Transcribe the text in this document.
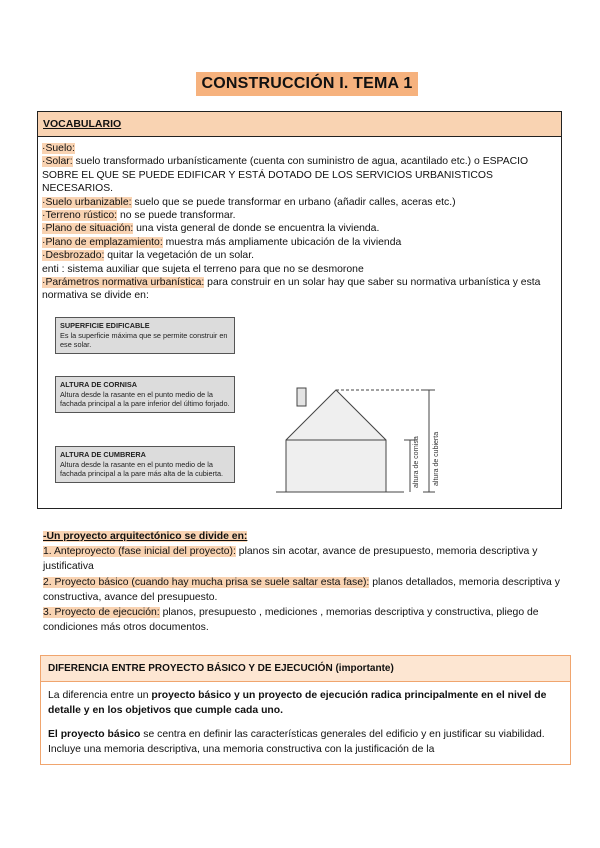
CONSTRUCCIÓN I. TEMA 1
VOCABULARIO
·Suelo:
·Solar: suelo transformado urbanísticamente (cuenta con suministro de agua, acantilado etc.) o ESPACIO SOBRE EL QUE SE PUEDE EDIFICAR Y ESTÁ DOTADO DE LOS SERVICIOS URBANISTICOS NECESARIOS.
·Suelo urbanizable: suelo que se puede transformar en urbano (añadir calles, aceras etc.)
·Terreno rústico: no se puede transformar.
·Plano de situación: una vista general de donde se encuentra la vivienda.
·Plano de emplazamiento: muestra más ampliamente ubicación de la vivienda
·Desbrozado: quitar la vegetación de un solar.
enti : sistema auxiliar que sujeta el terreno para que no se desmorone
·Parámetros normativa urbanística: para construir en un solar hay que saber su normativa urbanística y esta normativa se divide en:
SUPERFICIE EDIFICABLE
Es la superficie máxima que se permite construir en ese solar.
ALTURA DE CORNISA
Altura desde la rasante en el punto medio de la fachada principal a la pare inferior del último forjado.
ALTURA DE CUMBRERA
Altura desde la rasante en el punto medio de la fachada principal a la pare más alta de la cubierta.	altura de cornisa altura de cubierta
-Un proyecto arquitectónico se divide en:
1. Anteproyecto (fase inicial del proyecto): planos sin acotar, avance de presupuesto, memoria descriptiva y justificativa
2. Proyecto básico (cuando hay mucha prisa se suele saltar esta fase): planos detallados, memoria descriptiva y constructiva, avance del presupuesto.
3. Proyecto de ejecución: planos, presupuesto , mediciones , memorias descriptiva y constructiva, pliego de condiciones más otros documentos.
DIFERENCIA ENTRE PROYECTO BÁSICO Y DE EJECUCIÓN (importante)

La diferencia entre un proyecto básico y un proyecto de ejecución radica principalmente en el nivel de detalle y en los objetivos que cumple cada uno.

El proyecto básico se centra en definir las características generales del edificio y en justificar su viabilidad. Incluye una memoria descriptiva, una memoria constructiva con la justificación de la
